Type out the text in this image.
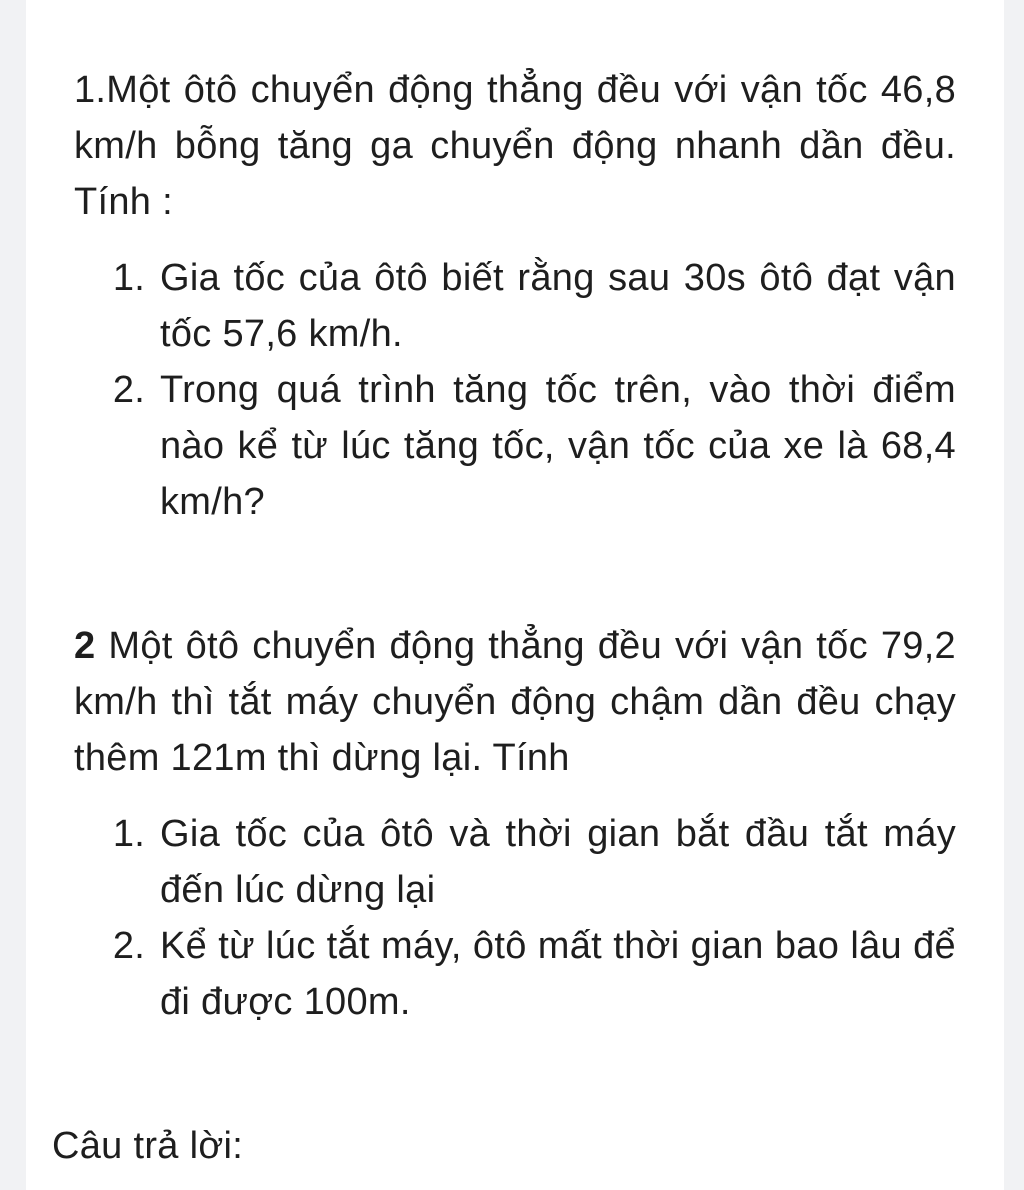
1.Một ôtô chuyển động thẳng đều với vận tốc 46,8 km/h bỗng tăng ga chuyển động nhanh dần đều. Tính :

1. Gia tốc của ôtô biết rằng sau 30s ôtô đạt vận tốc 57,6 km/h.
2. Trong quá trình tăng tốc trên, vào thời điểm nào kể từ lúc tăng tốc, vận tốc của xe là 68,4 km/h?

2 Một ôtô chuyển động thẳng đều với vận tốc 79,2 km/h thì tắt máy chuyển động chậm dần đều chạy thêm 121m thì dừng lại. Tính

1. Gia tốc của ôtô và thời gian bắt đầu tắt máy đến lúc dừng lại
2. Kể từ lúc tắt máy, ôtô mất thời gian bao lâu để đi được 100m.
Câu trả lời:
